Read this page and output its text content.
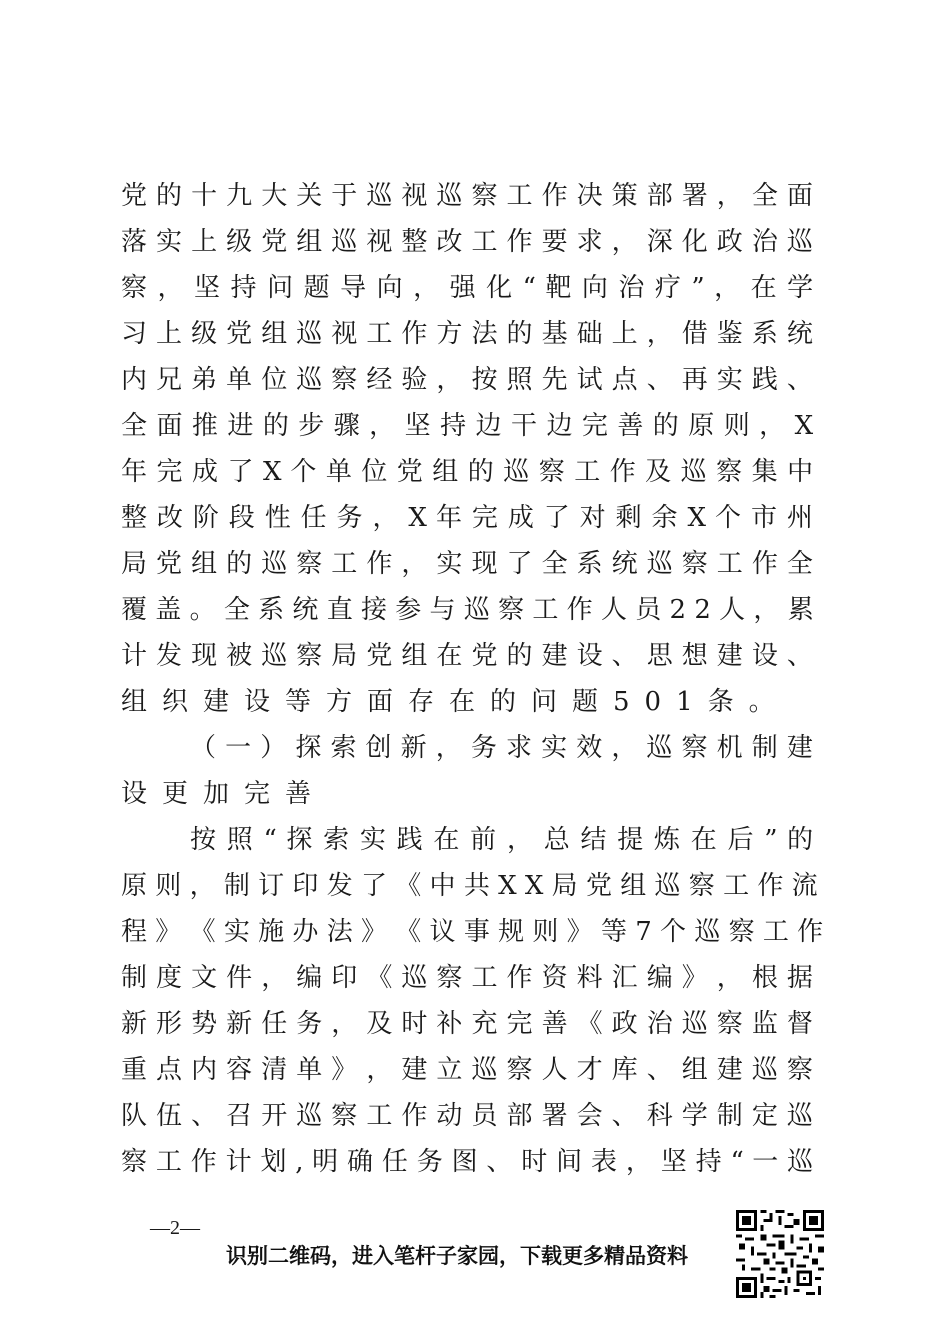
党 的 十 九 大 关 于 巡 视 巡 察 工 作 决 策 部 署 ， 全 面
落 实 上 级 党 组 巡 视 整 改 工 作 要 求 ， 深 化 政 治 巡
察 ， 坚 持 问 题 导 向 ， 强 化 “ 靶 向 治 疗 ” ， 在 学
习 上 级 党 组 巡 视 工 作 方 法 的 基 础 上 ， 借 鉴 系 统
内 兄 弟 单 位 巡 察 经 验 ， 按 照 先 试 点 、 再 实 践 、
全 面 推 进 的 步 骤 ， 坚 持 边 干 边 完 善 的 原 则 ， X
年 完 成 了 X 个 单 位 党 组 的 巡 察 工 作 及 巡 察 集 中
整 改 阶 段 性 任 务 ， X 年 完 成 了 对 剩 余 X 个 市 州
局 党 组 的 巡 察 工 作 ， 实 现 了 全 系 统 巡 察 工 作 全
覆 盖 。 全 系 统 直 接 参 与 巡 察 工 作 人 员 2 2 人 ， 累
计 发 现 被 巡 察 局 党 组 在 党 的 建 设 、 思 想 建 设 、
组织建设等方面存在的问题501条。
（ 一 ） 探 索 创 新 ， 务 求 实 效 ， 巡 察 机 制 建
设更加完善
按 照 “ 探 索 实 践 在 前 ， 总 结 提 炼 在 后 ” 的
原 则 ， 制 订 印 发 了 《 中 共 X X 局 党 组 巡 察 工 作 流
程 》 《 实 施 办 法 》 《 议 事 规 则 》 等 7 个 巡 察 工 作
制 度 文 件 ， 编 印 《 巡 察 工 作 资 料 汇 编 》 ， 根 据
新 形 势 新 任 务 ， 及 时 补 充 完 善 《 政 治 巡 察 监 督
重 点 内 容 清 单 》 ， 建 立 巡 察 人 才 库 、 组 建 巡 察
队 伍 、 召 开 巡 察 工 作 动 员 部 署 会 、 科 学 制 定 巡
察 工 作 计 划 , 明 确 任 务 图 、 时 间 表 ， 坚 持 “ 一 巡
—2—
识别二维码，进入笔杆子家园，下载更多精品资料
